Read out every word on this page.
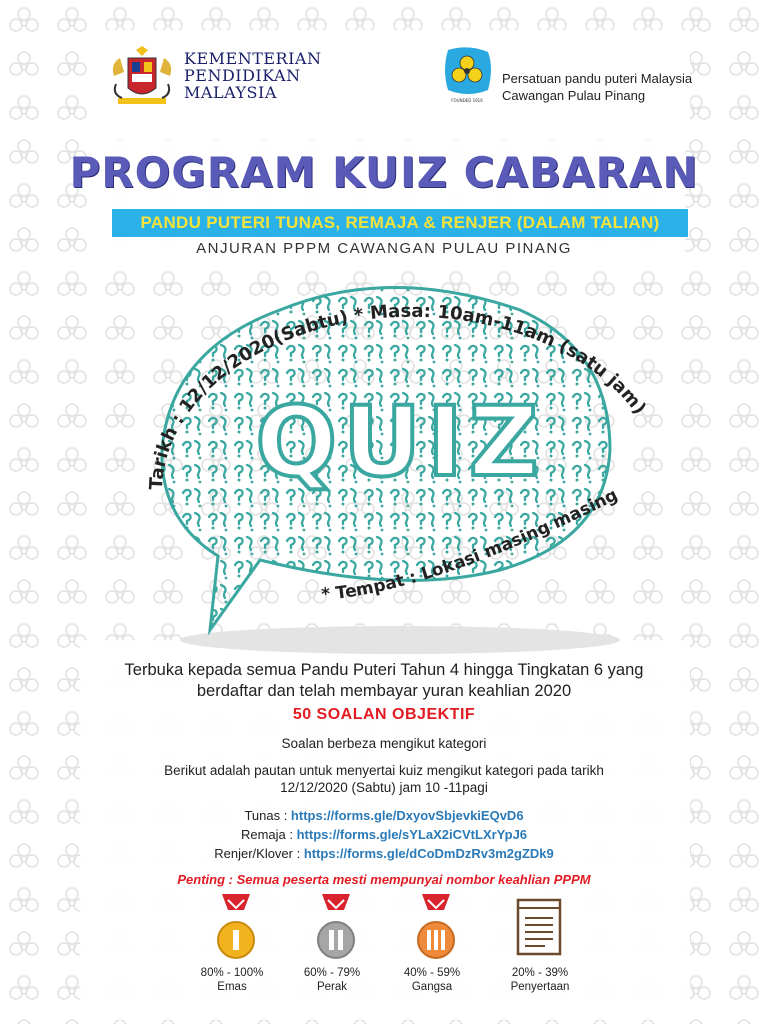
KEMENTERIAN
PENDIDIKAN
MALAYSIA	FOUNDED 1916
Persatuan pandu puteri Malaysia
Cawangan Pulau Pinang
PROGRAM KUIZ CABARAN
PANDU PUTERI TUNAS, REMAJA & RENJER (DALAM TALIAN)
ANJURAN PPPM CAWANGAN PULAU PINANG
QUIZ
Tarikh : 12/12/2020(Sabtu) * Masa: 10am-11am (satu jam)
* Tempat : Lokasi masing masing
Terbuka kepada semua Pandu Puteri Tahun 4 hingga Tingkatan 6 yang
berdaftar dan telah membayar yuran keahlian 2020
50 SOALAN OBJEKTIF
Soalan berbeza mengikut kategori
Berikut adalah pautan untuk menyertai kuiz mengikut kategori pada tarikh
12/12/2020 (Sabtu) jam 10 -11pagi
Tunas : https://forms.gle/DxyovSbjevkiEQvD6
Remaja : https://forms.gle/sYLaX2iCVtLXrYpJ6
Renjer/Klover : https://forms.gle/dCoDmDzRv3m2gZDk9
Penting : Semua peserta mesti mempunyai nombor keahlian PPPM
80% - 100%
Emas
60% - 79%
Perak
40% - 59%
Gangsa
20% - 39%
Penyertaan
